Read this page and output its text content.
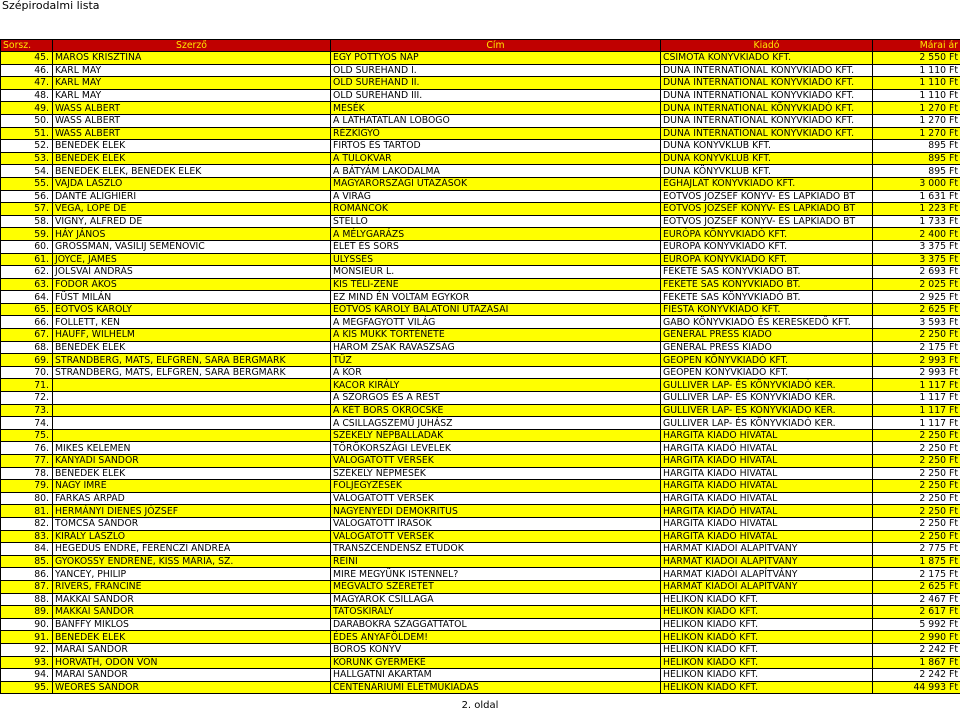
Szépirodalmi lista
Sorsz.	Szerző	Cím	Kiadó	Márai ár
45.	MAROS KRISZTINA	EGY PÖTTYÖS NAP	CSIMOTA KÖNYVKIADÓ KFT.	2 550 Ft
46.	KARL MAY	OLD SUREHAND I.	DUNA INTERNATIONAL KÖNYVKIADÓ KFT.	1 110 Ft
47.	KARL MAY	OLD SUREHAND II.	DUNA INTERNATIONAL KÖNYVKIADÓ KFT.	1 110 Ft
48.	KARL MAY	OLD SUREHAND III.	DUNA INTERNATIONAL KÖNYVKIADÓ KFT.	1 110 Ft
49.	WASS ALBERT	MESÉK	DUNA INTERNATIONAL KÖNYVKIADÓ KFT.	1 270 Ft
50.	WASS ALBERT	A LÁTHATATLAN LOBOGÓ	DUNA INTERNATIONAL KÖNYVKIADÓ KFT.	1 270 Ft
51.	WASS ALBERT	RÉZKÍGYÓ	DUNA INTERNATIONAL KÖNYVKIADÓ KFT.	1 270 Ft
52.	BENEDEK ELEK	FIRTOS ÉS TARTÓD	DUNA KÖNYVKLUB KFT.	895 Ft
53.	BENEDEK ELEK	A TÜLÖKVÁR	DUNA KÖNYVKLUB KFT.	895 Ft
54.	BENEDEK ELEK, BENEDEK ELEK	A BÁTYÁM LAKODALMA	DUNA KÖNYVKLUB KFT.	895 Ft
55.	VAJDA LÁSZLÓ	MAGYARORSZÁGI UTAZÁSOK	ÉGHAJLAT KÖNYVKIADÓ KFT.	3 000 Ft
56.	DANTE ALIGHIERI	A VIRÁG	EÖTVÖS JÓZSEF KÖNYV- ÉS LAPKIADÓ BT	1 631 Ft
57.	VEGA, LOPE DE	ROMÁNCOK	EÖTVÖS JÓZSEF KÖNYV- ÉS LAPKIADÓ BT	1 223 Ft
58.	VIGNY, ALFRED DE	STELLO	EÖTVÖS JÓZSEF KÖNYV- ÉS LAPKIADÓ BT	1 733 Ft
59.	HÁY JÁNOS	A MÉLYGARÁZS	EURÓPA KÖNYVKIADÓ KFT.	2 400 Ft
60.	GROSSMAN, VASILIJ SEMËNOVIČ	ÉLET ÉS SORS	EURÓPA KÖNYVKIADÓ KFT.	3 375 Ft
61.	JOYCE, JAMES	ULYSSES	EURÓPA KÖNYVKIADÓ KFT.	3 375 Ft
62.	JOLSVAI ANDRÁS	MONSIEUR L.	FEKETE SAS KÖNYVKIADÓ BT.	2 693 Ft
63.	FODOR ÁKOS	KIS TÉLI-ZENE	FEKETE SAS KÖNYVKIADÓ BT.	2 025 Ft
64.	FÜST MILÁN	EZ MIND ÉN VOLTAM EGYKOR	FEKETE SAS KÖNYVKIADÓ BT.	2 925 Ft
65.	EÖTVÖS KÁROLY	EÖTVÖS KÁROLY BALATONI UTAZÁSAI	FIESTA KÖNYVKIADÓ KFT.	2 625 Ft
66.	FOLLETT, KEN	A MEGFAGYOTT VILÁG	GABO KÖNYVKIADÓ ÉS KERESKEDŐ KFT.	3 593 Ft
67.	HAUFF, WILHELM	A KIS MUKK TÖRTÉNETE	GENERAL PRESS KIADÓ	2 250 Ft
68.	BENEDEK ELEK	HÁROM ZSÁK RAVASZSÁG	GENERAL PRESS KIADÓ	2 175 Ft
69.	STRANDBERG, MATS, ELFGREN, SARA BERGMARK	TŰZ	GEOPEN KÖNYVKIADÓ KFT.	2 993 Ft
70.	STRANDBERG, MATS, ELFGREN, SARA BERGMARK	A KÖR	GEOPEN KÖNYVKIADÓ KFT.	2 993 Ft
71.		KACOR KIRÁLY	GULLIVER LAP- ÉS KÖNYVKIADÓ KER.	1 117 Ft
72.		A SZORGOS ÉS A REST	GULLIVER LAP- ÉS KÖNYVKIADÓ KER.	1 117 Ft
73.		A KÉT BORS ÖKRÖCSKE	GULLIVER LAP- ÉS KÖNYVKIADÓ KER.	1 117 Ft
74.		A CSILLAGSZEMŰ JUHÁSZ	GULLIVER LAP- ÉS KÖNYVKIADÓ KER.	1 117 Ft
75.		SZÉKELY NÉPBALLADÁK	HARGITA KIADÓ HIVATAL	2 250 Ft
76.	MIKES KELEMEN	TÖRÖKORSZÁGI LEVELEK	HARGITA KIADÓ HIVATAL	2 250 Ft
77.	KÁNYÁDI SÁNDOR	VÁLOGATOTT VERSEK	HARGITA KIADÓ HIVATAL	2 250 Ft
78.	BENEDEK ELEK	SZÉKELY NÉPMESÉK	HARGITA KIADÓ HIVATAL	2 250 Ft
79.	NAGY IMRE	FÖLJEGYZÉSEK	HARGITA KIADÓ HIVATAL	2 250 Ft
80.	FARKAS ÁRPÁD	VÁLOGATOTT VERSEK	HARGITA KIADÓ HIVATAL	2 250 Ft
81.	HERMÁNYI DIENES JÓZSEF	NAGYENYEDI DEMOKRITUS	HARGITA KIADÓ HIVATAL	2 250 Ft
82.	TOMCSA SÁNDOR	VÁLOGATOTT ÍRÁSOK	HARGITA KIADÓ HIVATAL	2 250 Ft
83.	KIRÁLY LÁSZLÓ	VÁLOGATOTT VERSEK	HARGITA KIADÓ HIVATAL	2 250 Ft
84.	HEGEDŰS ENDRE, FERENCZI ANDREA	TRANSZCENDENSZ ETÜDÖK	HARMAT KIADÓI ALAPÍTVÁNY	2 775 Ft
85.	GYÖKÖSSY ENDRÉNÉ, KISS MÁRIA, SZ.	REINI	HARMAT KIADÓI ALAPÍTVÁNY	1 875 Ft
86.	YANCEY, PHILIP	MIRE MEGYÜNK ISTENNEL?	HARMAT KIADÓI ALAPÍTVÁNY	2 175 Ft
87.	RIVERS, FRANCINE	MEGVÁLTÓ SZERETET	HARMAT KIADÓI ALAPÍTVÁNY	2 625 Ft
88.	MAKKAI SÁNDOR	MAGYAROK CSILLAGA	HELIKON KIADÓ KFT.	2 467 Ft
89.	MAKKAI SÁNDOR	TÁTOSKIRÁLY	HELIKON KIADÓ KFT.	2 617 Ft
90.	BÁNFFY MIKLÓS	DARABOKRA SZAGGATTATOL	HELIKON KIADÓ KFT.	5 992 Ft
91.	BENEDEK ELEK	ÉDES ANYAFÖLDEM!	HELIKON KIADÓ KFT.	2 990 Ft
92.	MÁRAI SÁNDOR	BOROS KÖNYV	HELIKON KIADÓ KFT.	2 242 Ft
93.	HORVÁTH, ÖDÖN VON	KORUNK GYERMEKE	HELIKON KIADÓ KFT.	1 867 Ft
94.	MÁRAI SÁNDOR	HALLGATNI AKARTAM	HELIKON KIADÓ KFT.	2 242 Ft
95.	WEÖRES SÁNDOR	CENTENÁRIUMI ÉLETMŰKIADÁS	HELIKON KIADÓ KFT.	44 993 Ft
2. oldal
